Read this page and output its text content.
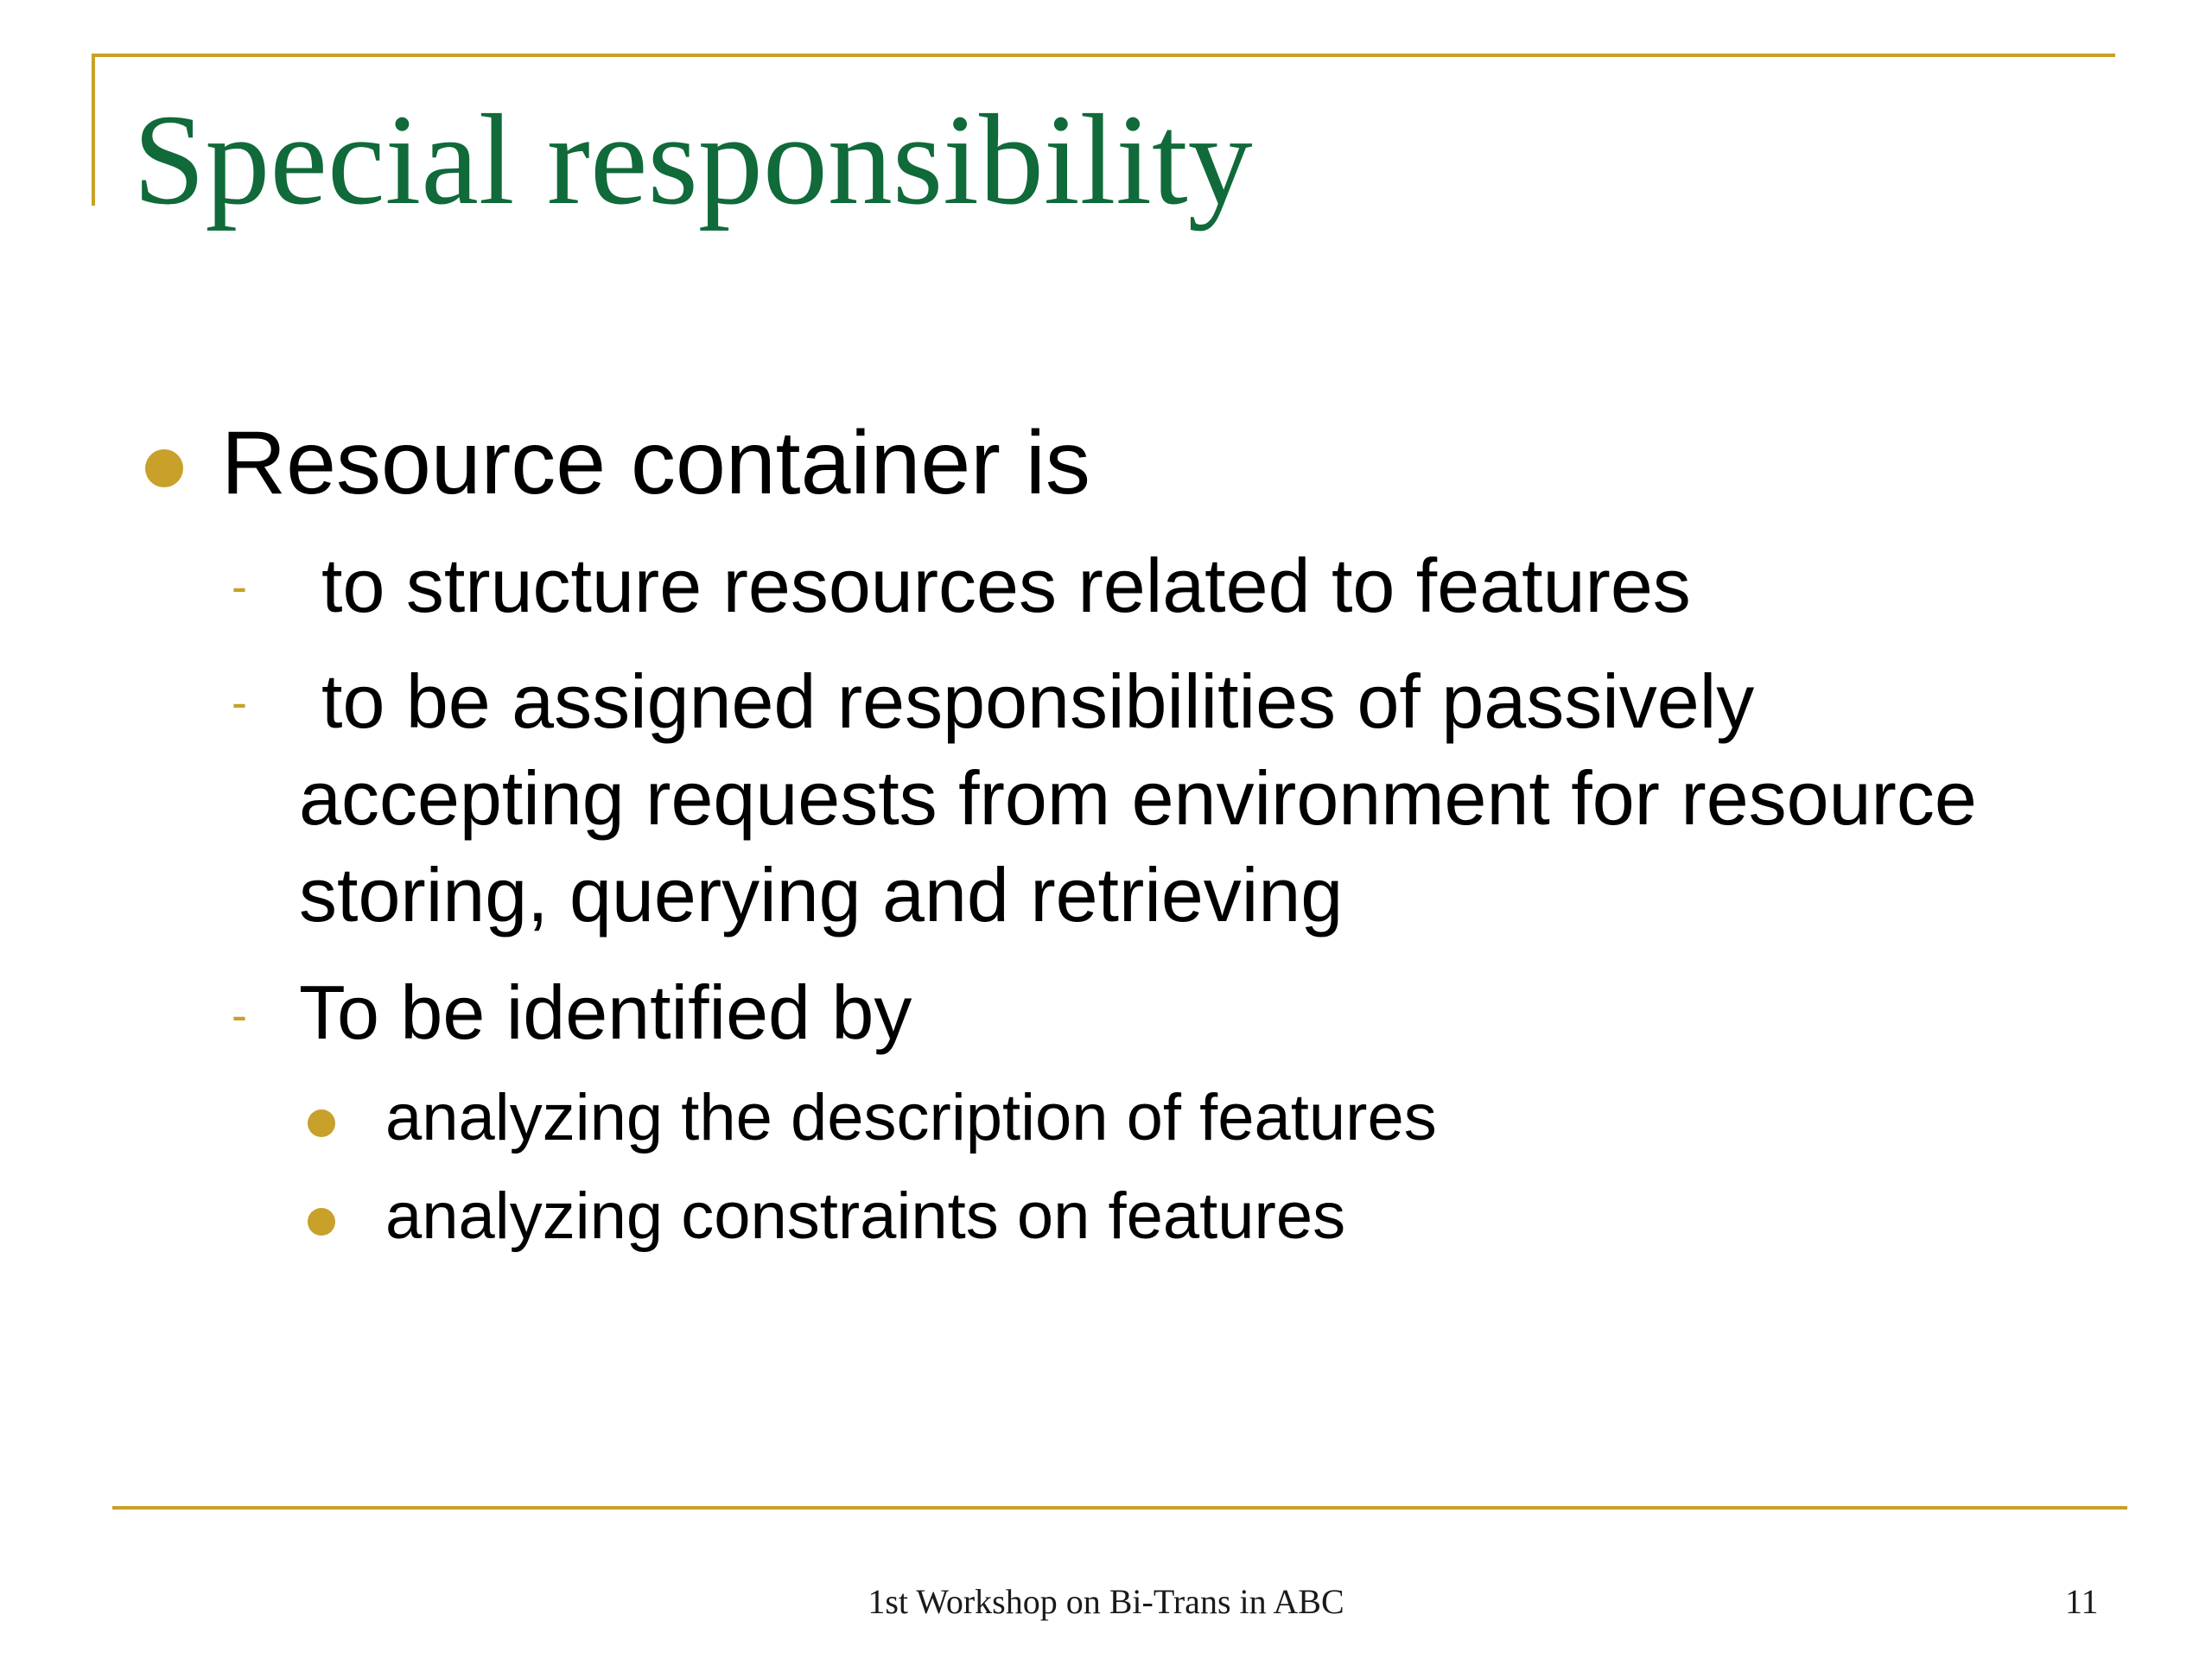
Special responsibility
Resource container is
- to structure resources related to features
- to be assigned responsibilities of passively
accepting requests from environment for resource
storing, querying and retrieving
- To be identified by
analyzing the description of features
analyzing constraints on features
1st Workshop on Bi-Trans in ABC	11
